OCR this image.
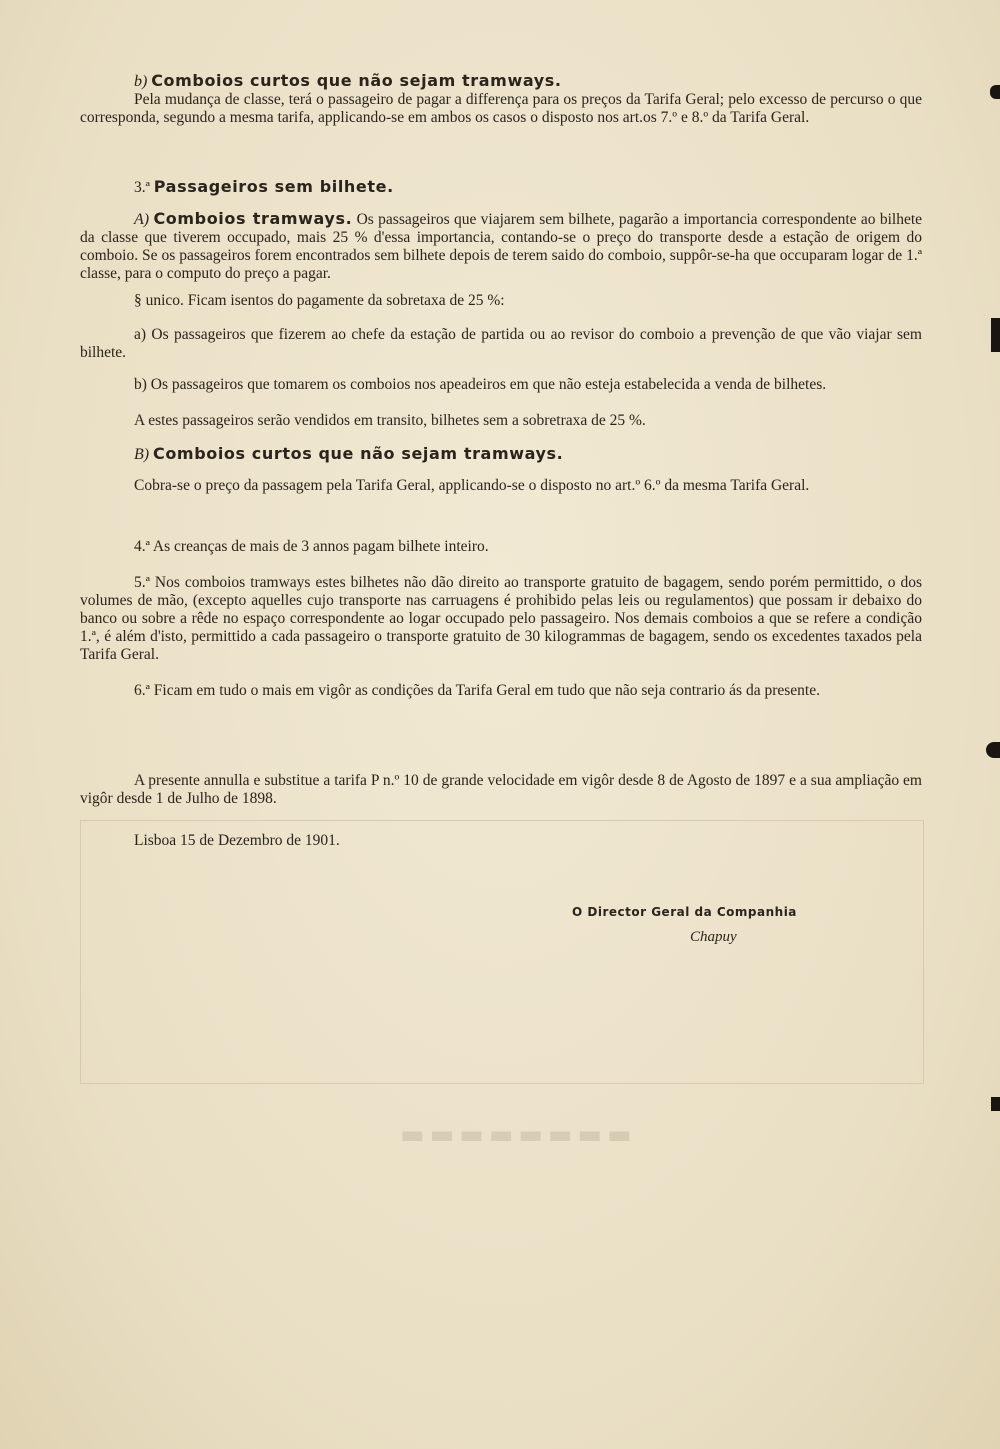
▬▬▬▬▬▬▬▬
b) Comboios curtos que não sejam tramways.

Pela mudança de classe, terá o passageiro de pagar a differença para os preços da Tarifa Geral; pelo excesso de percurso o que corresponda, segundo a mesma tarifa, applicando-se em ambos os casos o disposto nos art.os 7.º e 8.º da Tarifa Geral.

3.ª Passageiros sem bilhete.

A) Comboios tramways. Os passageiros que viajarem sem bilhete, pagarão a importancia correspondente ao bilhete da classe que tiverem occupado, mais 25 % d'essa importancia, contando-se o preço do transporte desde a estação de origem do comboio. Se os passageiros forem encontrados sem bilhete depois de terem saido do comboio, suppôr-se-ha que occuparam logar de 1.ª classe, para o computo do preço a pagar.

§ unico. Ficam isentos do pagamente da sobretaxa de 25 %:

a) Os passageiros que fizerem ao chefe da estação de partida ou ao revisor do comboio a prevenção de que vão viajar sem bilhete.

b) Os passageiros que tomarem os comboios nos apeadeiros em que não esteja estabelecida a venda de bilhetes.

A estes passageiros serão vendidos em transito, bilhetes sem a sobretraxa de 25 %.

B) Comboios curtos que não sejam tramways.

Cobra-se o preço da passagem pela Tarifa Geral, applicando-se o disposto no art.º 6.º da mesma Tarifa Geral.

4.ª As creanças de mais de 3 annos pagam bilhete inteiro.

5.ª Nos comboios tramways estes bilhetes não dão direito ao transporte gratuito de bagagem, sendo porém permittido, o dos volumes de mão, (excepto aquelles cujo transporte nas carruagens é prohibido pelas leis ou regulamentos) que possam ir debaixo do banco ou sobre a rêde no espaço correspondente ao logar occupado pelo passageiro. Nos demais comboios a que se refere a condição 1.ª, é além d'isto, permittido a cada passageiro o transporte gratuito de 30 kilogrammas de bagagem, sendo os excedentes taxados pela Tarifa Geral.

6.ª Ficam em tudo o mais em vigôr as condições da Tarifa Geral em tudo que não seja contrario ás da presente.

A presente annulla e substitue a tarifa P n.º 10 de grande velocidade em vigôr desde 8 de Agosto de 1897 e a sua ampliação em vigôr desde 1 de Julho de 1898.

Lisboa 15 de Dezembro de 1901.
O Director Geral da Companhia
Chapuy
